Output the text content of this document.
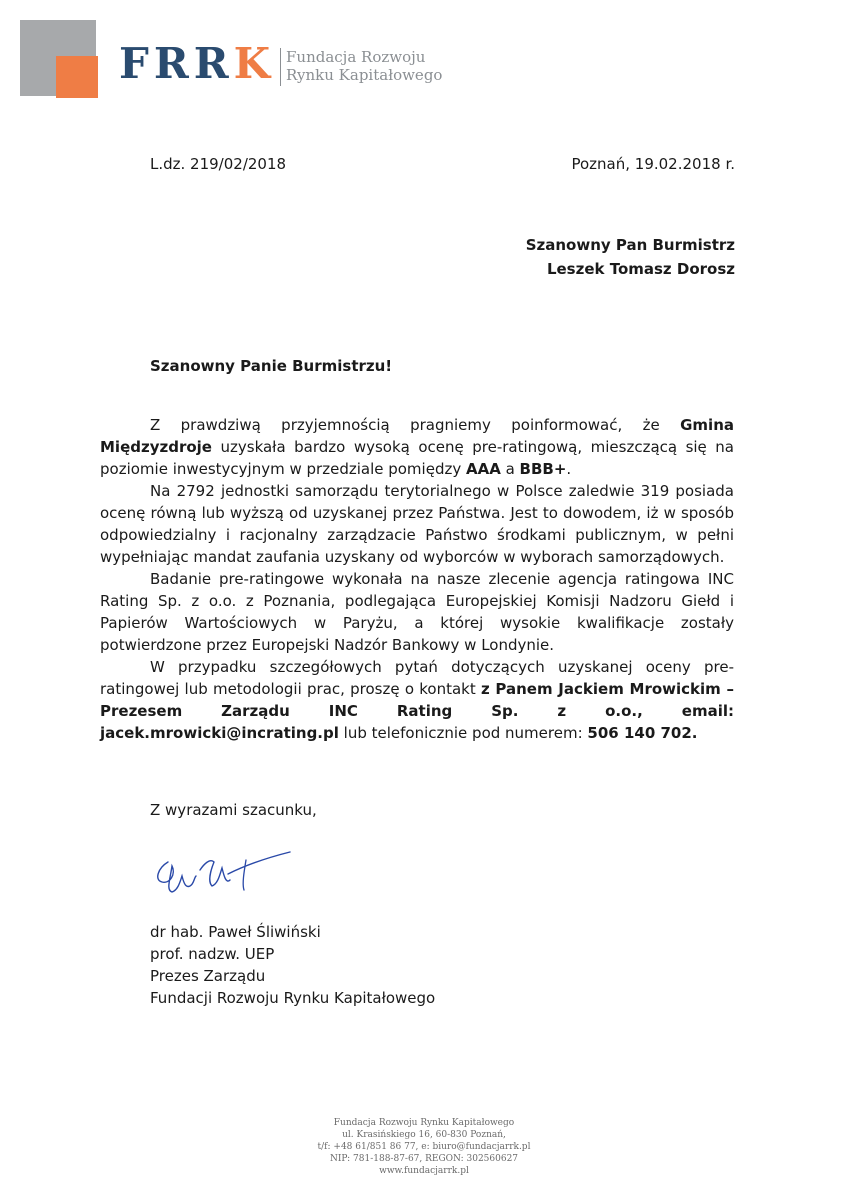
FRRK Fundacja Rozwoju
Rynku Kapitałowego
L.dz. 219/02/2018	Poznań, 19.02.2018 r.
Szanowny Pan Burmistrz
Leszek Tomasz Dorosz
Szanowny Panie Burmistrzu!

Z prawdziwą przyjemnością pragniemy poinformować, że Gmina Międzyzdroje uzyskała bardzo wysoką ocenę pre-ratingową, mieszczącą się na poziomie inwestycyjnym w przedziale pomiędzy AAA a BBB+.

Na 2792 jednostki samorządu terytorialnego w Polsce zaledwie 319 posiada ocenę równą lub wyższą od uzyskanej przez Państwa. Jest to dowodem, iż w sposób odpowiedzialny i racjonalny zarządzacie Państwo środkami publicznym, w pełni wypełniając mandat zaufania uzyskany od wyborców w wyborach samorządowych.

Badanie pre-ratingowe wykonała na nasze zlecenie agencja ratingowa INC Rating Sp. z o.o. z Poznania, podlegająca Europejskiej Komisji Nadzoru Giełd i Papierów Wartościowych w Paryżu, a której wysokie kwalifikacje zostały potwierdzone przez Europejski Nadzór Bankowy w Londynie.

W przypadku szczegółowych pytań dotyczących uzyskanej oceny pre-ratingowej lub metodologii prac, proszę o kontakt z Panem Jackiem Mrowickim – Prezesem Zarządu INC Rating Sp. z o.o., email: jacek.mrowicki@incrating.pl lub telefonicznie pod numerem: 506 140 702.

Z wyrazami szacunku,
dr hab. Paweł Śliwiński
prof. nadzw. UEP
Prezes Zarządu
Fundacji Rozwoju Rynku Kapitałowego
Fundacja Rozwoju Rynku Kapitałowego
ul. Krasińskiego 16, 60-830 Poznań,
t/f: +48 61/851 86 77, e: biuro@fundacjarrk.pl
NIP: 781-188-87-67, REGON: 302560627
www.fundacjarrk.pl
